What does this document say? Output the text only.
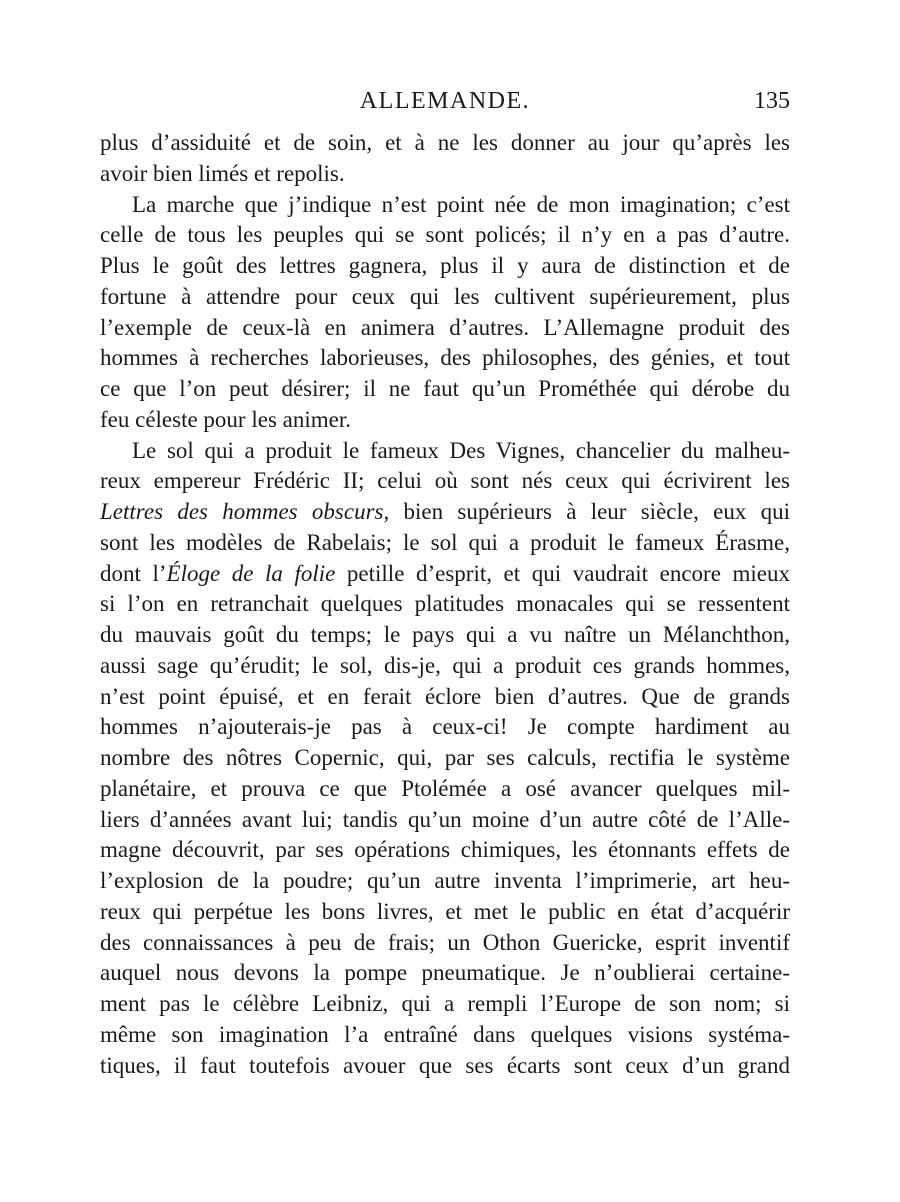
ALLEMANDE.	135
plus d’assiduité et de soin, et à ne les donner au jour qu’après les
avoir bien limés et repolis.
La marche que j’indique n’est point née de mon imagination; c’est
celle de tous les peuples qui se sont policés; il n’y en a pas d’autre.
Plus le goût des lettres gagnera, plus il y aura de distinction et de
fortune à attendre pour ceux qui les cultivent supérieurement, plus
l’exemple de ceux-là en animera d’autres. L’Allemagne produit des
hommes à recherches laborieuses, des philosophes, des génies, et tout
ce que l’on peut désirer; il ne faut qu’un Prométhée qui dérobe du
feu céleste pour les animer.
Le sol qui a produit le fameux Des Vignes, chancelier du malheu-
reux empereur Frédéric II; celui où sont nés ceux qui écrivirent les
Lettres des hommes obscurs, bien supérieurs à leur siècle, eux qui
sont les modèles de Rabelais; le sol qui a produit le fameux Érasme,
dont l’Éloge de la folie petille d’esprit, et qui vaudrait encore mieux
si l’on en retranchait quelques platitudes monacales qui se ressentent
du mauvais goût du temps; le pays qui a vu naître un Mélanchthon,
aussi sage qu’érudit; le sol, dis-je, qui a produit ces grands hommes,
n’est point épuisé, et en ferait éclore bien d’autres. Que de grands
hommes n’ajouterais-je pas à ceux-ci! Je compte hardiment au
nombre des nôtres Copernic, qui, par ses calculs, rectifia le système
planétaire, et prouva ce que Ptolémée a osé avancer quelques mil-
liers d’années avant lui; tandis qu’un moine d’un autre côté de l’Alle-
magne découvrit, par ses opérations chimiques, les étonnants effets de
l’explosion de la poudre; qu’un autre inventa l’imprimerie, art heu-
reux qui perpétue les bons livres, et met le public en état d’acquérir
des connaissances à peu de frais; un Othon Guericke, esprit inventif
auquel nous devons la pompe pneumatique. Je n’oublierai certaine-
ment pas le célèbre Leibniz, qui a rempli l’Europe de son nom; si
même son imagination l’a entraîné dans quelques visions systéma-
tiques, il faut toutefois avouer que ses écarts sont ceux d’un grand
